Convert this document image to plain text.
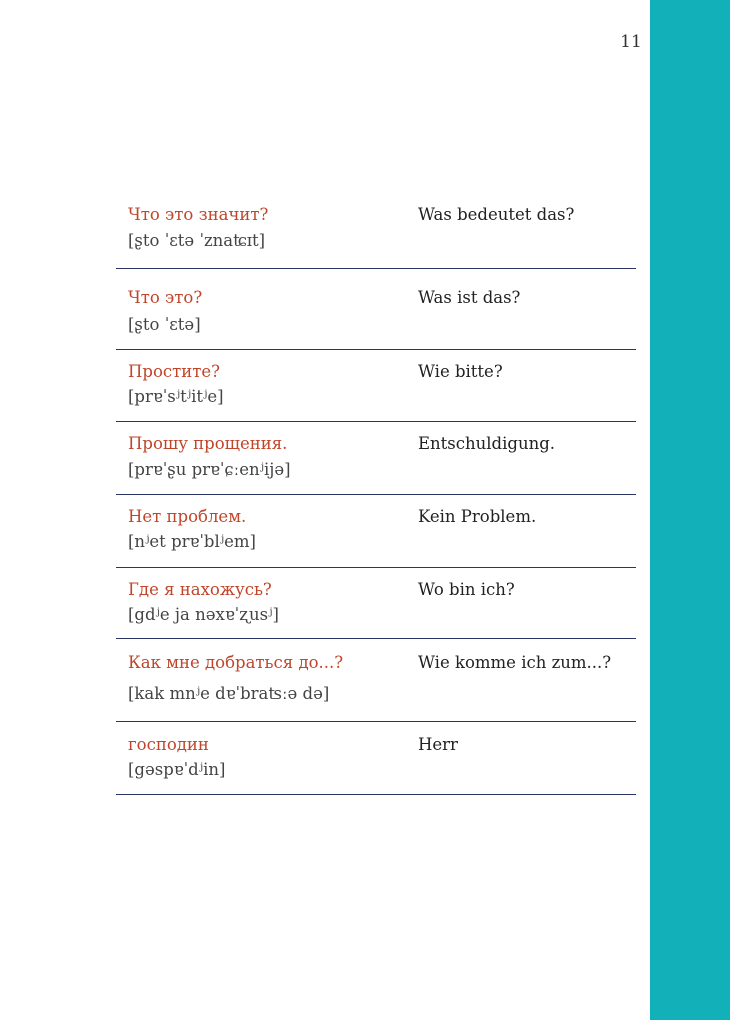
11
Что это значит?
[ʂto ˈɛtə ˈznaʨɪt]
Was bedeutet das?
Что это?
[ʂto ˈɛtə]
Was ist das?
Простите?
[prɐˈsʲtʲitʲe]
Wie bitte?
Прошу прощения.
[prɐˈʂu prɐˈɕːenʲijə]
Entschuldigung.
Нет проблем.
[nʲet prɐˈblʲem]
Kein Problem.
Где я нахожусь?
[gdʲe ja nəxɐˈʐusʲ]
Wo bin ich?
Как мне добраться до...?
[kak mnʲe dɐˈbraʦːə də]
Wie komme ich zum...?
господин
[gəspɐˈdʲin]
Herr
